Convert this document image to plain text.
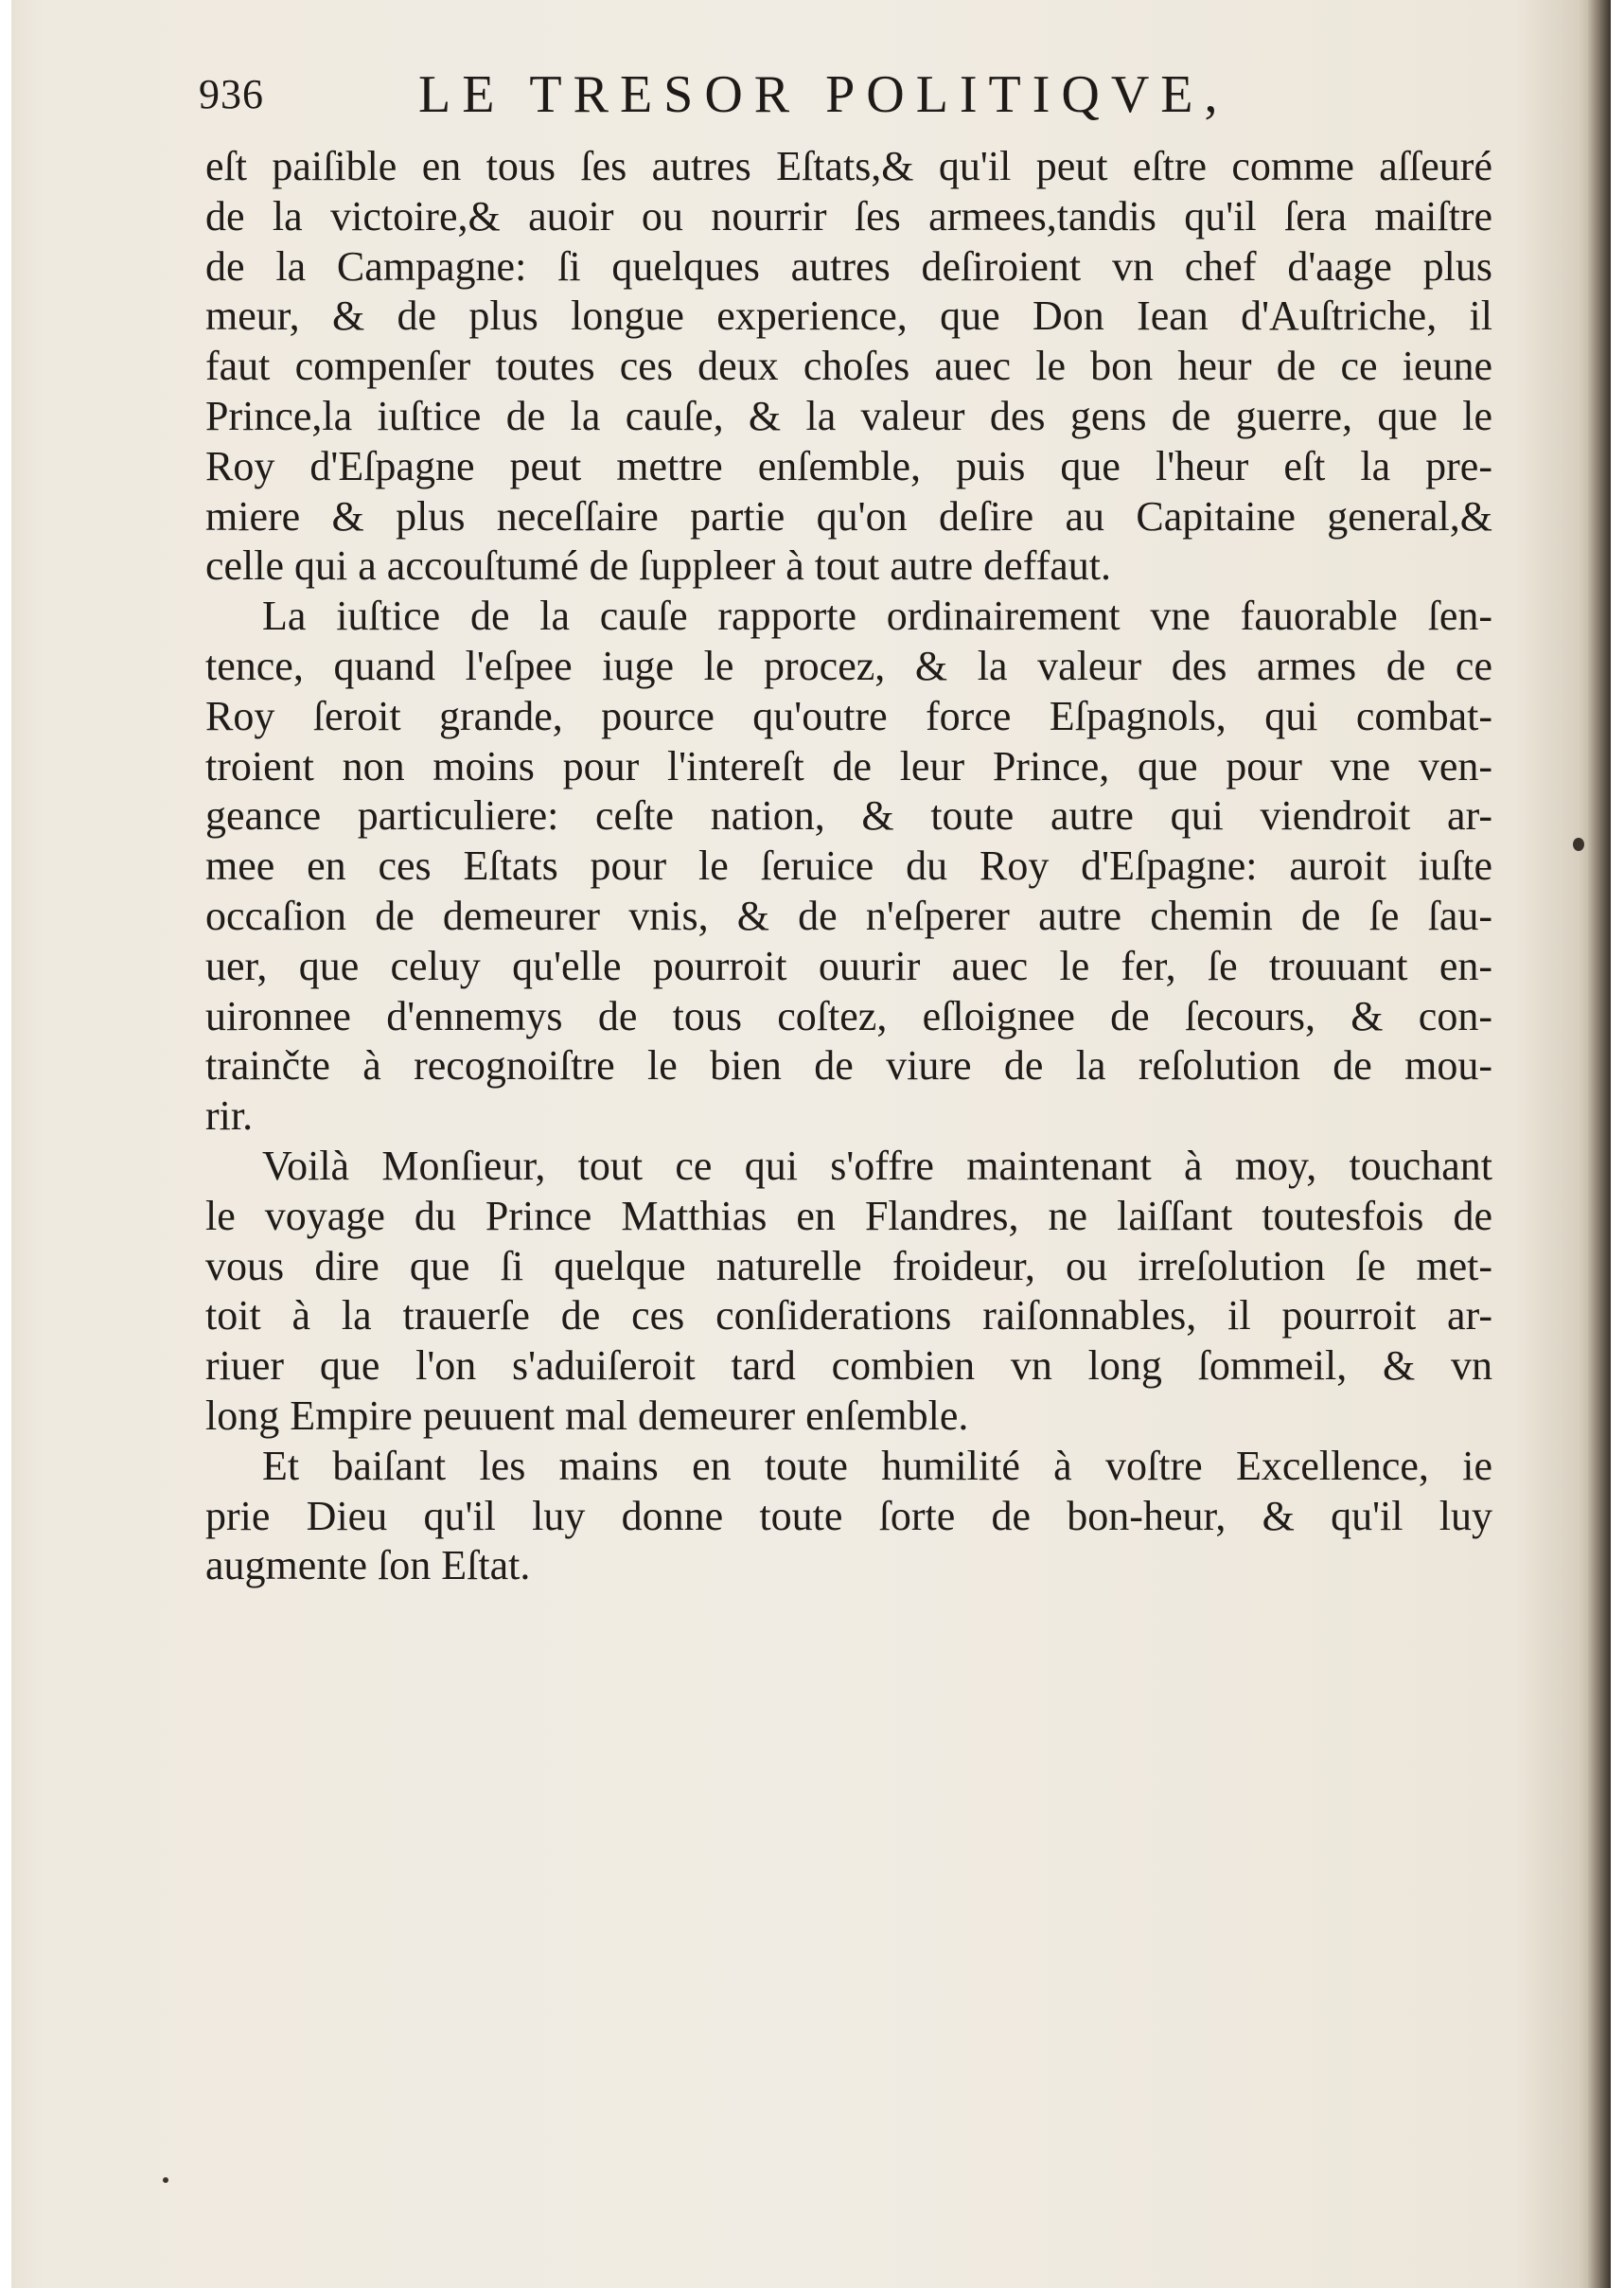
936	LE TRESOR POLITIQVE,
eſt paiſible en tous ſes autres Eſtats,& qu'il peut eſtre comme aſſeuré
de la victoire,& auoir ou nourrir ſes armees,tandis qu'il ſera maiſtre
de la Campagne: ſi quelques autres deſiroient vn chef d'aage plus
meur, & de plus longue experience, que Don Iean d'Auſtriche, il
faut compenſer toutes ces deux choſes auec le bon heur de ce ieune
Prince,la iuſtice de la cauſe, & la valeur des gens de guerre, que le
Roy d'Eſpagne peut mettre enſemble, puis que l'heur eſt la pre-
miere & plus neceſſaire partie qu'on deſire au Capitaine general,&
celle qui a accouſtumé de ſuppleer à tout autre deffaut.
La iuſtice de la cauſe rapporte ordinairement vne fauorable ſen-
tence, quand l'eſpee iuge le procez, & la valeur des armes de ce
Roy ſeroit grande, pource qu'outre force Eſpagnols, qui combat-
troient non moins pour l'intereſt de leur Prince, que pour vne ven-
geance particuliere: ceſte nation, & toute autre qui viendroit ar-
mee en ces Eſtats pour le ſeruice du Roy d'Eſpagne: auroit iuſte
occaſion de demeurer vnis, & de n'eſperer autre chemin de ſe ſau-
uer, que celuy qu'elle pourroit ouurir auec le fer, ſe trouuant en-
uironnee d'ennemys de tous coſtez, eſloignee de ſecours, & con-
trainčte à recognoiſtre le bien de viure de la reſolution de mou-
rir.
Voilà Monſieur, tout ce qui s'offre maintenant à moy, touchant
le voyage du Prince Matthias en Flandres, ne laiſſant toutesfois de
vous dire que ſi quelque naturelle froideur, ou irreſolution ſe met-
toit à la trauerſe de ces conſiderations raiſonnables, il pourroit ar-
riuer que l'on s'aduiſeroit tard combien vn long ſommeil, & vn
long Empire peuuent mal demeurer enſemble.
Et baiſant les mains en toute humilité à voſtre Excellence, ie
prie Dieu qu'il luy donne toute ſorte de bon-heur, & qu'il luy
augmente ſon Eſtat.
